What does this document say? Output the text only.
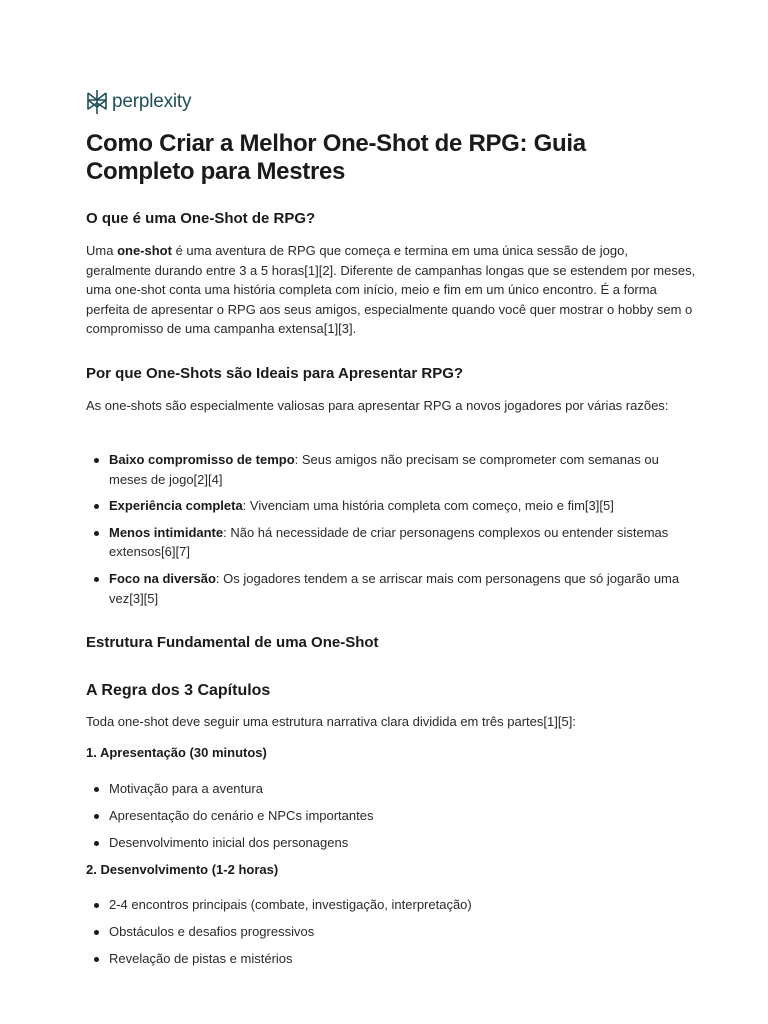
perplexity
Como Criar a Melhor One-Shot de RPG: Guia Completo para Mestres
O que é uma One-Shot de RPG?

Uma one-shot é uma aventura de RPG que começa e termina em uma única sessão de jogo, geralmente durando entre 3 a 5 horas[1][2]. Diferente de campanhas longas que se estendem por meses, uma one-shot conta uma história completa com início, meio e fim em um único encontro. É a forma perfeita de apresentar o RPG aos seus amigos, especialmente quando você quer mostrar o hobby sem o compromisso de uma campanha extensa[1][3].

Por que One-Shots são Ideais para Apresentar RPG?

As one-shots são especialmente valiosas para apresentar RPG a novos jogadores por várias razões:

Baixo compromisso de tempo: Seus amigos não precisam se comprometer com semanas ou meses de jogo[2][4]
Experiência completa: Vivenciam uma história completa com começo, meio e fim[3][5]
Menos intimidante: Não há necessidade de criar personagens complexos ou entender sistemas extensos[6][7]
Foco na diversão: Os jogadores tendem a se arriscar mais com personagens que só jogarão uma vez[3][5]
Estrutura Fundamental de uma One-Shot
A Regra dos 3 Capítulos

Toda one-shot deve seguir uma estrutura narrativa clara dividida em três partes[1][5]:

1. Apresentação (30 minutos)
Motivação para a aventura
Apresentação do cenário e NPCs importantes
Desenvolvimento inicial dos personagens
2. Desenvolvimento (1-2 horas)
2-4 encontros principais (combate, investigação, interpretação)
Obstáculos e desafios progressivos
Revelação de pistas e mistérios
